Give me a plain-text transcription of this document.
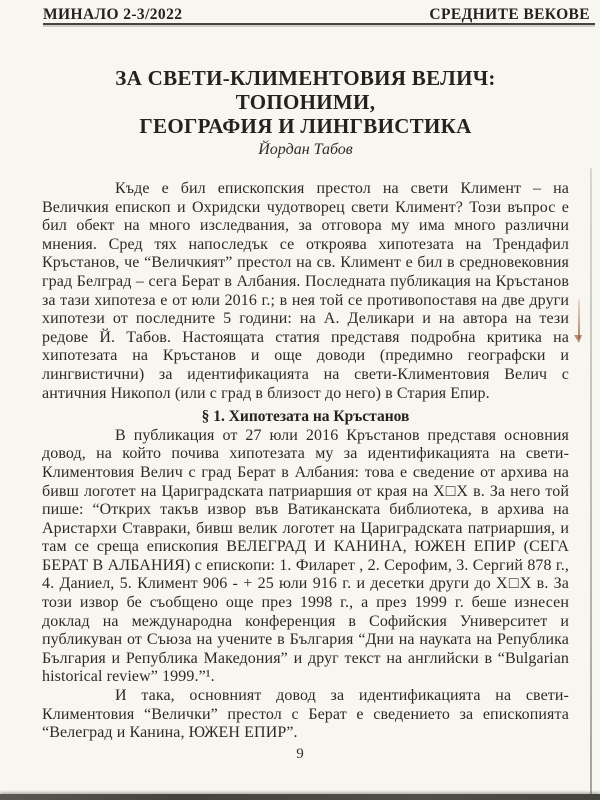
МИНАЛО 2-3/2022	СРЕДНИТЕ ВЕКОВЕ
ЗА СВЕТИ-КЛИМЕНТОВИЯ ВЕЛИЧ:
ТОПОНИМИ,
ГЕОГРАФИЯ И ЛИНГВИСТИКА
Йордан Табов

Къде е бил епископския престол на свети Климент – на Величкия епископ и Охридски чудотворец свети Климент? Този въпрос е бил обект на много изследвания, за отговора му има много различни мнения. Сред тях напоследък се откроява хипотезата на Трендафил Кръстанов, че “Величкият” престол на св. Климент е бил в средновековния град Белград – сега Берат в Албания. Последната публикация на Кръстанов за тази хипотеза е от юли 2016 г.; в нея той се противопоставя на две други хипотези от последните 5 години: на А. Деликари и на автора на тези редове Й. Табов. Настоящата статия представя подробна критика на хипотезата на Кръстанов и още доводи (предимно географски и лингвистични) за идентификацията на свети-Климентовия Велич с античния Никопол (или с град в близост до него) в Стария Епир.

§ 1. Хипотезата на Кръстанов

В публикация от 27 юли 2016 Кръстанов представя основния довод, на който почива хипотезата му за идентификацията на свети-Климентовия Велич с град Берат в Албания: това е сведение от архива на бивш логотет на Цариградската патриаршия от края на Х□Х в. За него той пише: “Открих такъв извор във Ватиканската библиотека, в архива на Аристархи Ставраки, бивш велик логотет на Цариградската патриаршия, и там се среща епископия ВЕЛЕГРАД И КАНИНА, ЮЖЕН ЕПИР (СЕГА БЕРАТ В АЛБАНИЯ) с епископи: 1. Филарет , 2. Серофим, 3. Сергий 878 г., 4. Даниел, 5. Климент 906 - + 25 юли 916 г. и десетки други до Х□Х в. За този извор бе съобщено още през 1998 г., а през 1999 г. беше изнесен доклад на международна конференция в Софийския Университет и публикуван от Съюза на учените в България “Дни на науката на Република България и Република Македония” и друг текст на английски в “Bulgarian historical review” 1999.”¹.

И така, основният довод за идентификацията на свети-Климентовия “Велички” престол с Берат е сведението за епископията “Велеград и Канина, ЮЖЕН ЕПИР”.

9
